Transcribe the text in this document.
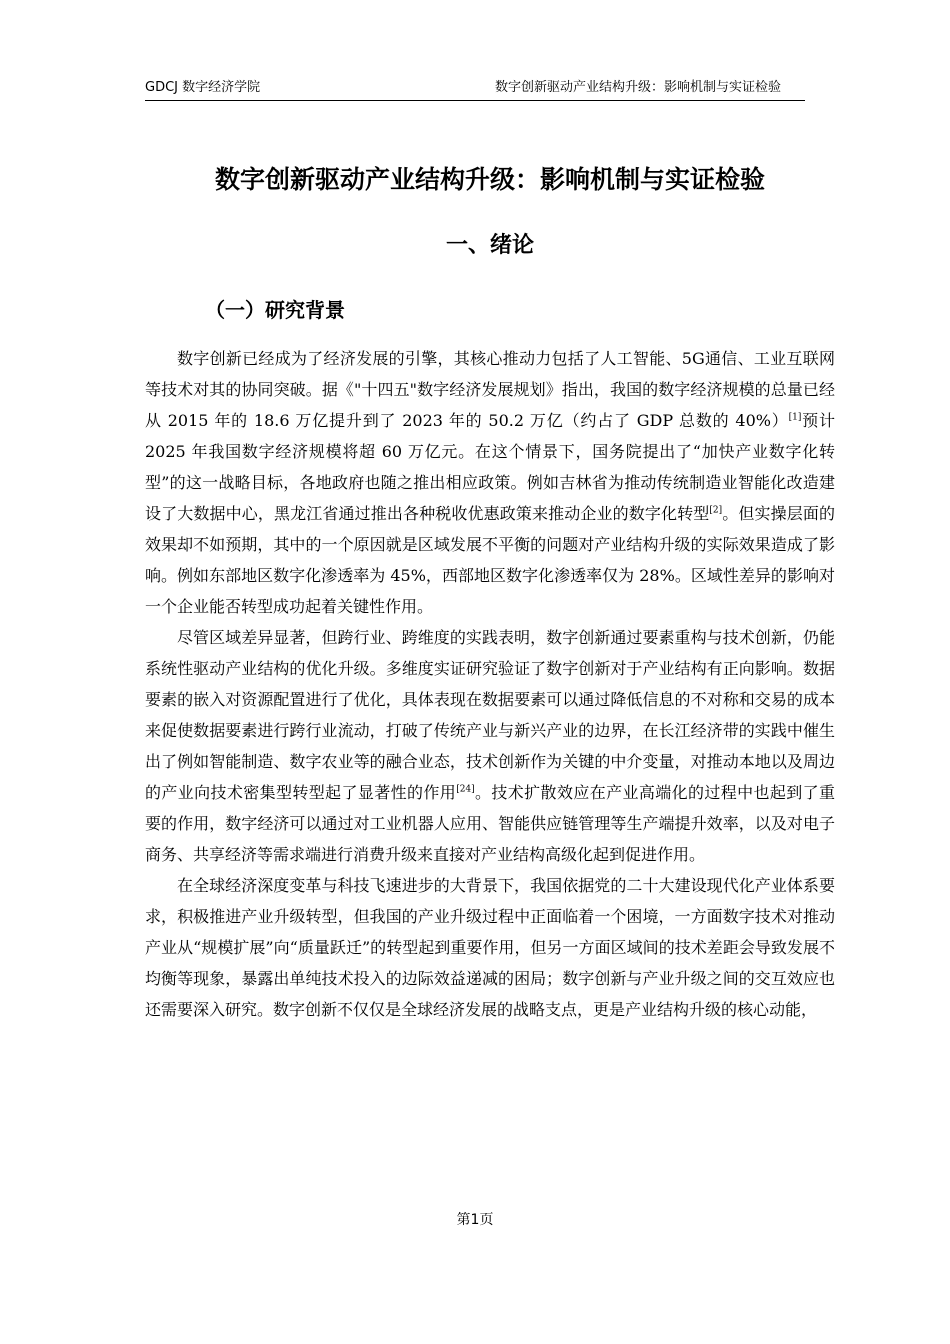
GDCJ 数字经济学院	数字创新驱动产业结构升级：影响机制与实证检验
数字创新驱动产业结构升级：影响机制与实证检验
一、绪论
（一）研究背景

数字创新已经成为了经济发展的引擎，其核心推动力包括了人工智能、5G通信、工业互联网等技术对其的协同突破。据《"十四五"数字经济发展规划》指出，我国的数字经济规模的总量已经从 2015 年的 18.6 万亿提升到了 2023 年的 50.2 万亿（约占了 GDP 总数的 40%）[1]预计 2025 年我国数字经济规模将超 60 万亿元。在这个情景下，国务院提出了“加快产业数字化转型”的这一战略目标，各地政府也随之推出相应政策。例如吉林省为推动传统制造业智能化改造建设了大数据中心，黑龙江省通过推出各种税收优惠政策来推动企业的数字化转型[2]。但实操层面的效果却不如预期，其中的一个原因就是区域发展不平衡的问题对产业结构升级的实际效果造成了影响。例如东部地区数字化渗透率为 45%，西部地区数字化渗透率仅为 28%。区域性差异的影响对一个企业能否转型成功起着关键性作用。

尽管区域差异显著，但跨行业、跨维度的实践表明，数字创新通过要素重构与技术创新，仍能系统性驱动产业结构的优化升级。多维度实证研究验证了数字创新对于产业结构有正向影响。数据要素的嵌入对资源配置进行了优化，具体表现在数据要素可以通过降低信息的不对称和交易的成本来促使数据要素进行跨行业流动，打破了传统产业与新兴产业的边界，在长江经济带的实践中催生出了例如智能制造、数字农业等的融合业态，技术创新作为关键的中介变量，对推动本地以及周边的产业向技术密集型转型起了显著性的作用[24]。技术扩散效应在产业高端化的过程中也起到了重要的作用，数字经济可以通过对工业机器人应用、智能供应链管理等生产端提升效率，以及对电子商务、共享经济等需求端进行消费升级来直接对产业结构高级化起到促进作用。

在全球经济深度变革与科技飞速进步的大背景下，我国依据党的二十大建设现代化产业体系要求，积极推进产业升级转型，但我国的产业升级过程中正面临着一个困境，一方面数字技术对推动产业从“规模扩展”向“质量跃迁”的转型起到重要作用，但另一方面区域间的技术差距会导致发展不均衡等现象，暴露出单纯技术投入的边际效益递减的困局；数字创新与产业升级之间的交互效应也还需要深入研究。数字创新不仅仅是全球经济发展的战略支点，更是产业结构升级的核心动能，

第1页
